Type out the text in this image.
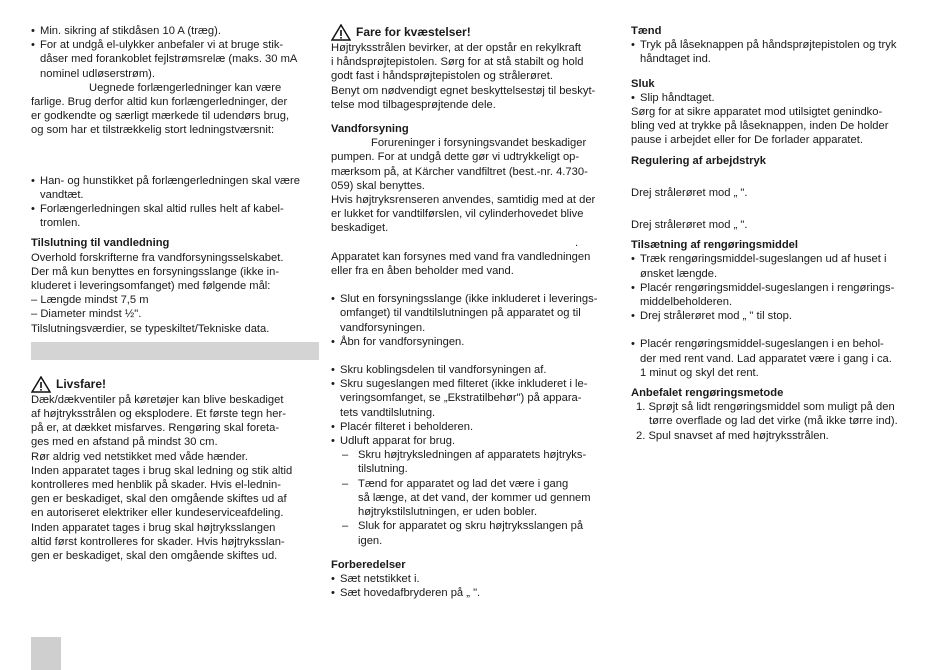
• Min. sikring af stikdåsen 10 A (træg).
• For at undgå el-ulykker anbefaler vi at bruge stik-
dåser med forankoblet fejlstrømsrelæ (maks. 30 mA
nominel udløserstrøm).
Uegnede forlængerledninger kan være
farlige. Brug derfor altid kun forlængerledninger, der
er godkendte og særligt mærkede til udendørs brug,
og som har et tilstrækkelig stort ledningstværsnit:
• Han- og hunstikket på forlængerledningen skal være
vandtæt.
• Forlængerledningen skal altid rulles helt af kabel-
tromlen.
Tilslutning til vandledning
Overhold forskrifterne fra vandforsyningsselskabet.
Der må kun benyttes en forsyningsslange (ikke in-
kluderet i leveringsomfanget) med følgende mål:
– Længde mindst 7,5 m
– Diameter mindst ½".
Tilslutningsværdier, se typeskiltet/Tekniske data.
Livsfare!
Dæk/dækventiler på køretøjer kan blive beskadiget
af højtryksstrålen og eksplodere. Et første tegn her-
på er, at dækket misfarves. Rengøring skal foreta-
ges med en afstand på mindst 30 cm.
Rør aldrig ved netstikket med våde hænder.
Inden apparatet tages i brug skal ledning og stik altid
kontrolleres med henblik på skader. Hvis el-lednin-
gen er beskadiget, skal den omgående skiftes ud af
en autoriseret elektriker eller kundeserviceafdeling.
Inden apparatet tages i brug skal højtryksslangen
altid først kontrolleres for skader. Hvis højtryksslan-
gen er beskadiget, skal den omgående skiftes ud.
Fare for kvæstelser!
Højtryksstrålen bevirker, at der opstår en rekylkraft
i håndsprøjtepistolen. Sørg for at stå stabilt og hold
godt fast i håndsprøjtepistolen og strålerøret.
Benyt om nødvendigt egnet beskyttelsestøj til beskyt-
telse mod tilbagesprøjtende dele.
Vandforsyning
Forureninger i forsyningsvandet beskadiger
pumpen. For at undgå dette gør vi udtrykkeligt op-
mærksom på, at Kärcher vandfiltret (best.-nr. 4.730-
059) skal benyttes.
Hvis højtryksrenseren anvendes, samtidig med at der
er lukket for vandtilførslen, vil cylinderhovedet blive
beskadiget.
.
Apparatet kan forsynes med vand fra vandledningen
eller fra en åben beholder med vand.
• Slut en forsyningsslange (ikke inkluderet i leverings-
omfanget) til vandtilslutningen på apparatet og til
vandforsyningen.
• Åbn for vandforsyningen.
• Skru koblingsdelen til vandforsyningen af.
• Skru sugeslangen med filteret (ikke inkluderet i le-
veringsomfanget, se „Ekstratilbehør") på appara-
tets vandtilslutning.
• Placér filteret i beholderen.
• Udluft apparat for brug.
– Skru højtryksledningen af apparatets højtryks-
tilslutning.
– Tænd for apparatet og lad det være i gang
så længe, at det vand, der kommer ud gennem
højtrykstilslutningen, er uden bobler.
– Sluk for apparatet og skru højtryksslangen på
igen.
Forberedelser
• Sæt netstikket i.
• Sæt hovedafbryderen på „ ".
Tænd
• Tryk på låseknappen på håndsprøjtepistolen og tryk
håndtaget ind.
Sluk
• Slip håndtaget.
Sørg for at sikre apparatet mod utilsigtet genindko-
bling ved at trykke på låseknappen, inden De holder
pause i arbejdet eller for De forlader apparatet.
Regulering af arbejdstryk
Drej strålerøret mod „ ".
Drej strålerøret mod „ ".
Tilsætning af rengøringsmiddel
• Træk rengøringsmiddel-sugeslangen ud af huset i
ønsket længde.
• Placér rengøringsmiddel-sugeslangen i rengørings-
middelbeholderen.
• Drej strålerøret mod „ " til stop.
• Placér rengøringsmiddel-sugeslangen i en behol-
der med rent vand. Lad apparatet være i gang i ca.
1 minut og skyl det rent.
Anbefalet rengøringsmetode
1. Sprøjt så lidt rengøringsmiddel som muligt på den
tørre overflade og lad det virke (må ikke tørre ind).
2. Spul snavset af med højtryksstrålen.
